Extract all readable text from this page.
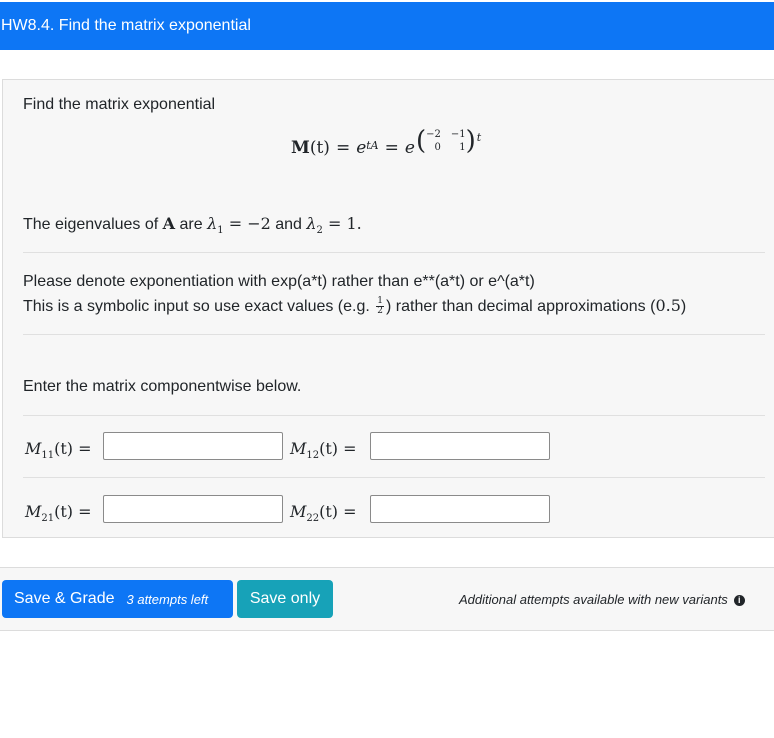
HW8.4. Find the matrix exponential
Find the matrix exponential
M $(t) = e^{tA} = e$ ( −2 −1
0	1 ) t
The eigenvalues of A are $\lambda_1 = -2$ and $\lambda_2 = 1$.
Please denote exponentiation with exp(a*t) rather than e**(a*t) or e^(a*t)
This is a symbolic input so use exact values (e.g. $\frac{1}{2}$ ) rather than decimal approximations (0.5)
Enter the matrix componentwise below.
$M_{11}(t)$ =	$M_{12}(t)$ =
$M_{21}(t)$ =	$M_{22}(t)$ =
Save & Grade 3 attempts left	Save only	Additional attempts available with new variants i
